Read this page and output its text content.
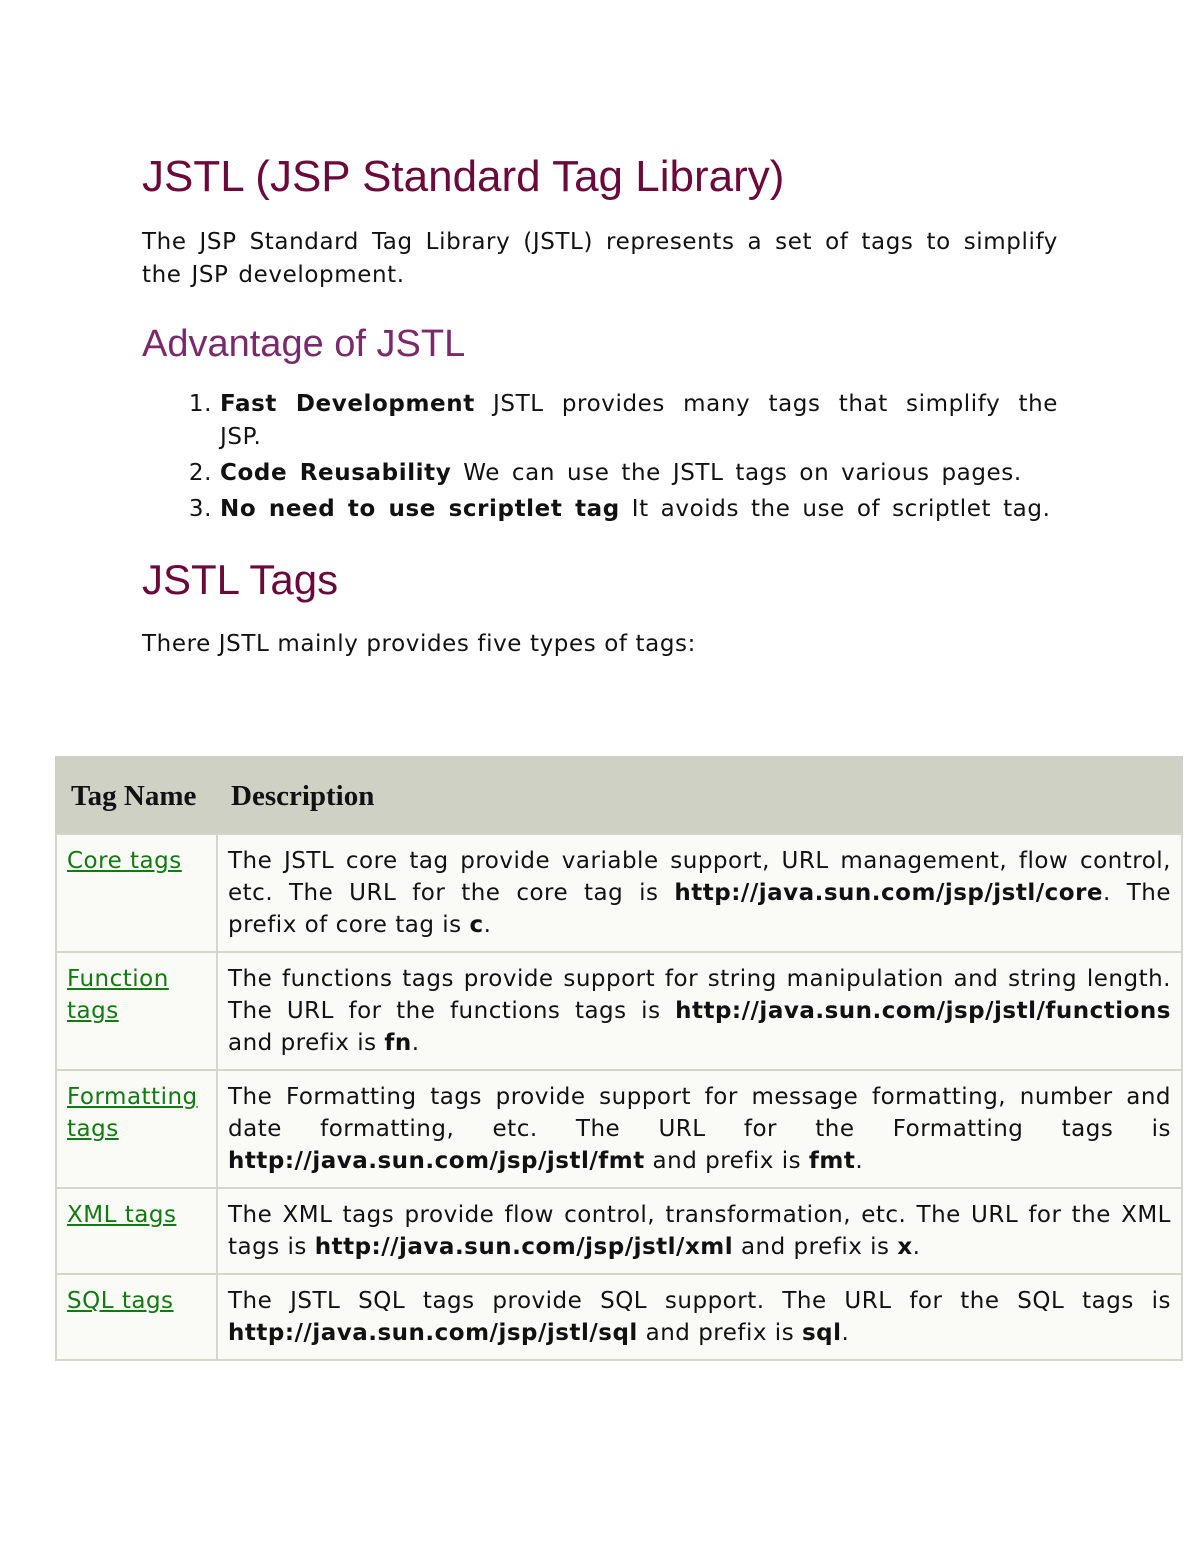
JSTL (JSP Standard Tag Library)

The JSP Standard Tag Library (JSTL) represents a set of tags to simplify the JSP development.

Advantage of JSTL
1. Fast Development JSTL provides many tags that simplify the JSP.
2. Code Reusability We can use the JSTL tags on various pages.
3. No need to use scriptlet tag It avoids the use of scriptlet tag.
JSTL Tags

There JSTL mainly provides five types of tags:

Tag Name	Description
Core tags	The JSTL core tag provide variable support, URL management, flow control, etc. The URL for the core tag is http://java.sun.com/jsp/jstl/core. The prefix of core tag is c.
Function tags	The functions tags provide support for string manipulation and string length. The URL for the functions tags is http://java.sun.com/jsp/jstl/functions and prefix is fn.
Formatting tags	The Formatting tags provide support for message formatting, number and date formatting, etc. The URL for the Formatting tags is http://java.sun.com/jsp/jstl/fmt and prefix is fmt.
XML tags	The XML tags provide flow control, transformation, etc. The URL for the XML tags is http://java.sun.com/jsp/jstl/xml and prefix is x.
SQL tags	The JSTL SQL tags provide SQL support. The URL for the SQL tags is http://java.sun.com/jsp/jstl/sql and prefix is sql.
